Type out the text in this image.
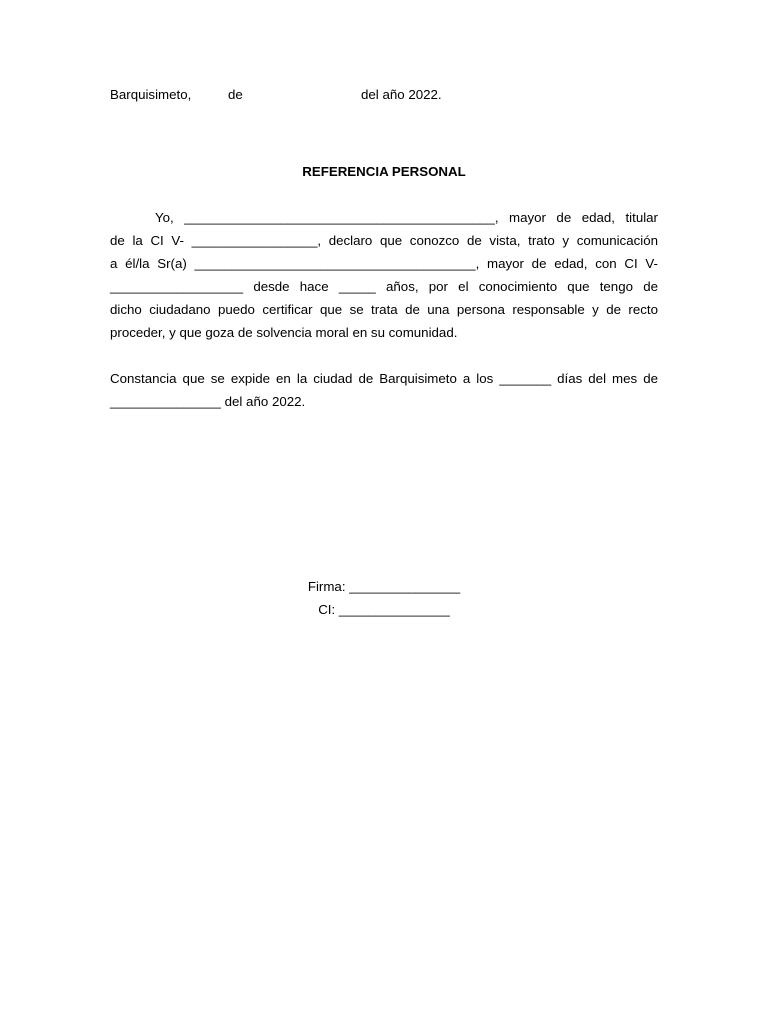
Barquisimeto,	de	del año 2022.
REFERENCIA PERSONAL
Yo, __________________________________________, mayor de edad, titular
de la CI V- _________________, declaro que conozco de vista, trato y comunicación
a él/la Sr(a) ______________________________________, mayor de edad, con CI V-
__________________ desde hace _____ años, por el conocimiento que tengo de
dicho ciudadano puedo certificar que se trata de una persona responsable y de recto
proceder, y que goza de solvencia moral en su comunidad.
Constancia que se expide en la ciudad de Barquisimeto a los _______ días del mes de
_______________ del año 2022.
Firma: _______________
CI: _______________
